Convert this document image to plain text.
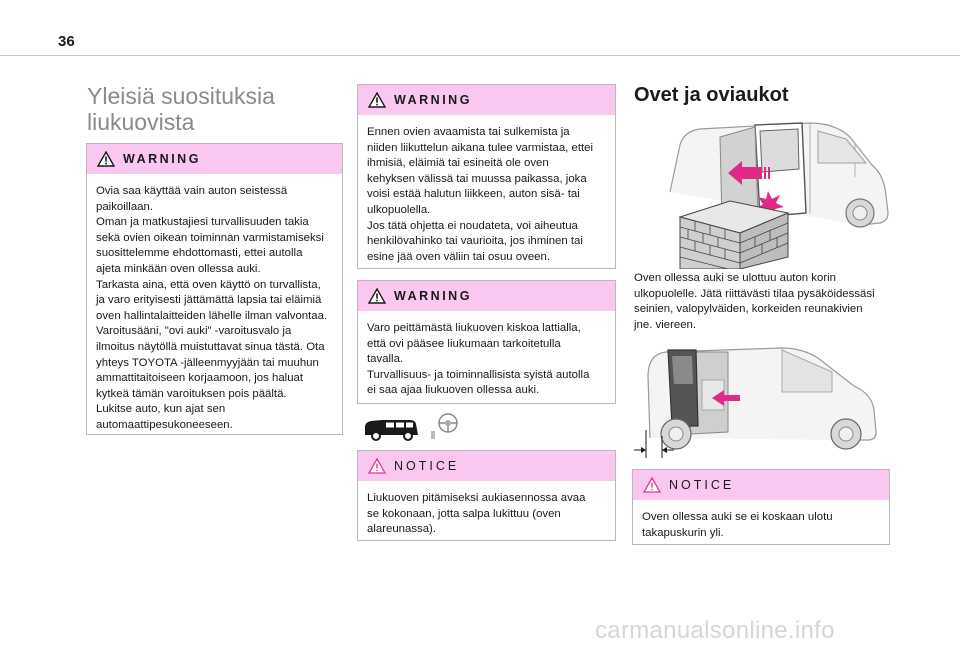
36
Yleisiä suosituksia
liukuovista
WARNING
Ovia saa käyttää vain auton seistessä
paikoillaan.
Oman ja matkustajiesi turvallisuuden takia
sekä ovien oikean toiminnan varmistamiseksi
suosittelemme ehdottomasti, ettei autolla
ajeta minkään oven ollessa auki.
Tarkasta aina, että oven käyttö on turvallista,
ja varo erityisesti jättämättä lapsia tai eläimiä
oven hallintalaitteiden lähelle ilman valvontaa.
Varoitusääni, "ovi auki" -varoitusvalo ja
ilmoitus näytöllä muistuttavat sinua tästä. Ota
yhteys TOYOTA -jälleenmyyjään tai muuhun
ammattitaitoiseen korjaamoon, jos haluat
kytkeä tämän varoituksen pois päältä.
Lukitse auto, kun ajat sen
automaattipesukoneeseen.
WARNING
Ennen ovien avaamista tai sulkemista ja
niiden liikuttelun aikana tulee varmistaa, ettei
ihmisiä, eläimiä tai esineitä ole oven
kehyksen välissä tai muussa paikassa, joka
voisi estää halutun liikkeen, auton sisä- tai
ulkopuolella.
Jos tätä ohjetta ei noudateta, voi aiheutua
henkilövahinko tai vaurioita, jos ihminen tai
esine jää oven väliin tai osuu oveen.
WARNING
Varo peittämästä liukuoven kiskoa lattialla,
että ovi pääsee liukumaan tarkoitetulla
tavalla.
Turvallisuus- ja toiminnallisista syistä autolla
ei saa ajaa liukuoven ollessa auki.
NOTICE
Liukuoven pitämiseksi aukiasennossa avaa
se kokonaan, jotta salpa lukittuu (oven
alareunassa).
Ovet ja oviaukot
Oven ollessa auki se ulottuu auton korin
ulkopuolelle. Jätä riittävästi tilaa pysäköidessäsi
seinien, valopylväiden, korkeiden reunakivien
jne. viereen.
NOTICE
Oven ollessa auki se ei koskaan ulotu
takapuskurin yli.
carmanualsonline.info
